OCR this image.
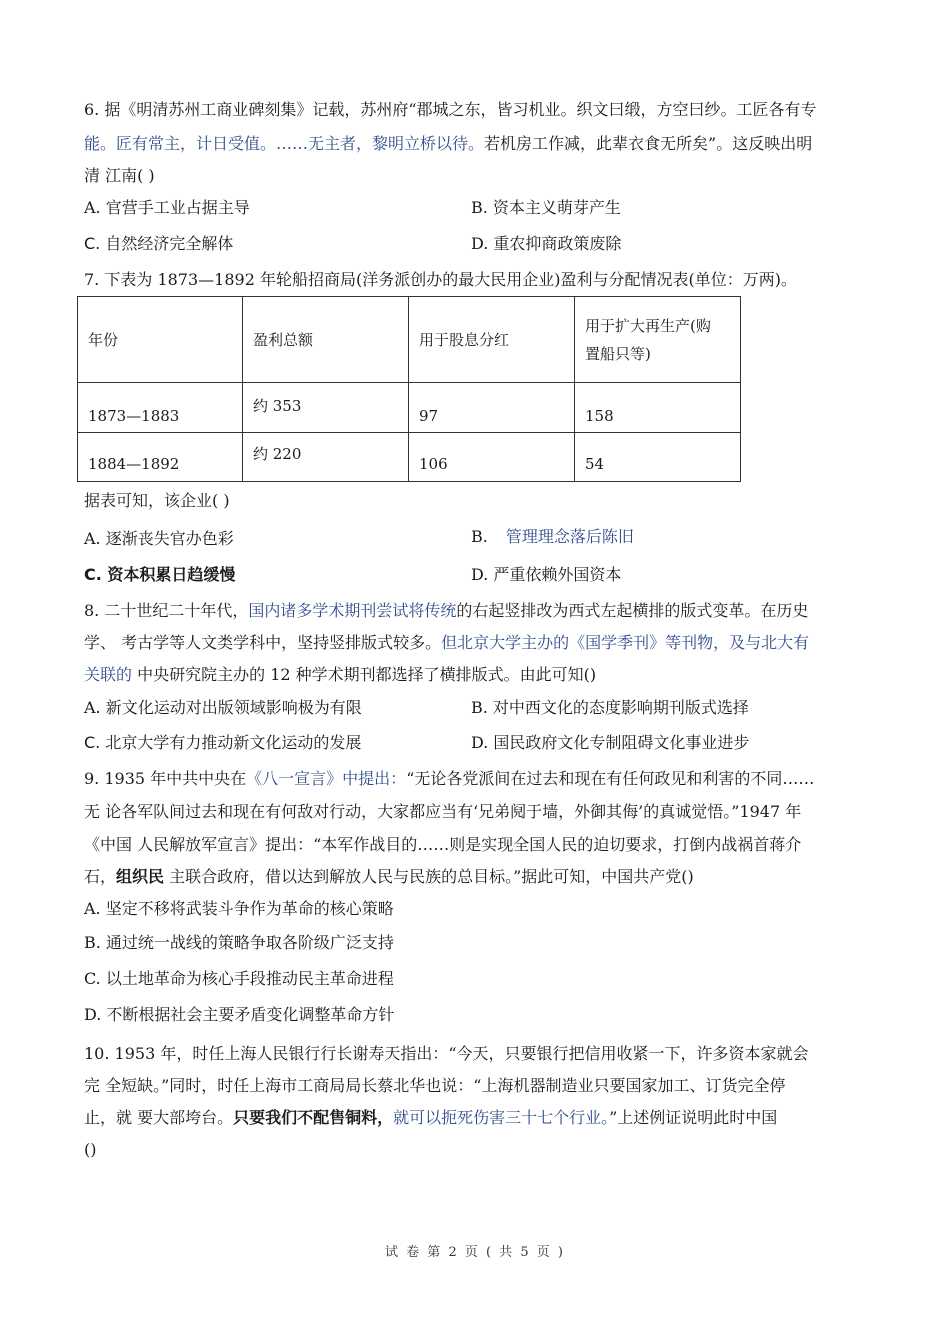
6. 据《明清苏州工商业碑刻集》记载，苏州府“郡城之东，皆习机业。织文曰缎，方空曰纱。工匠各有专
能。匠有常主，计日受值。……无主者，黎明立桥以待。若机房工作减，此辈衣食无所矣”。这反映出明
清 江南( )
A. 官营手工业占据主导	B. 资本主义萌芽产生
C. 自然经济完全解体	D. 重农抑商政策废除
7. 下表为 1873—1892 年轮船招商局(洋务派创办的最大民用企业)盈利与分配情况表(单位：万两)。
年份	盈利总额	用于股息分红	用于扩大再生产(购
置船只等)

1873—1883	约 353	97	158
1884—1892	约 220	106	54
据表可知，该企业( )
A. 逐渐丧失官办色彩	B. 管理理念落后陈旧
C. 资本积累日趋缓慢	D. 严重依赖外国资本
8. 二十世纪二十年代，国内诸多学术期刊尝试将传统的右起竖排改为西式左起横排的版式变革。在历史
学、 考古学等人文类学科中，坚持竖排版式较多。但北京大学主办的《国学季刊》等刊物，及与北大有
关联的 中央研究院主办的 12 种学术期刊都选择了横排版式。由此可知()
A. 新文化运动对出版领域影响极为有限	B. 对中西文化的态度影响期刊版式选择
C. 北京大学有力推动新文化运动的发展	D. 国民政府文化专制阻碍文化事业进步
9. 1935 年中共中央在《八一宣言》中提出：“无论各党派间在过去和现在有任何政见和利害的不同……
无 论各军队间过去和现在有何敌对行动，大家都应当有‘兄弟阋于墙，外御其侮’的真诚觉悟。”1947 年
《中国 人民解放军宣言》提出：“本军作战目的……则是实现全国人民的迫切要求，打倒内战祸首蒋介
石，组织民 主联合政府，借以达到解放人民与民族的总目标。”据此可知，中国共产党()
A. 坚定不移将武装斗争作为革命的核心策略
B. 通过统一战线的策略争取各阶级广泛支持
C. 以土地革命为核心手段推动民主革命进程
D. 不断根据社会主要矛盾变化调整革命方针
10. 1953 年，时任上海人民银行行长谢寿天指出：“今天，只要银行把信用收紧一下，许多资本家就会
完 全短缺。”同时，时任上海市工商局局长蔡北华也说：“上海机器制造业只要国家加工、订货完全停
止，就 要大部垮台。只要我们不配售铜料，就可以扼死伤害三十七个行业。”上述例证说明此时中国
()
试 卷 第 2 页 ( 共 5 页 )
